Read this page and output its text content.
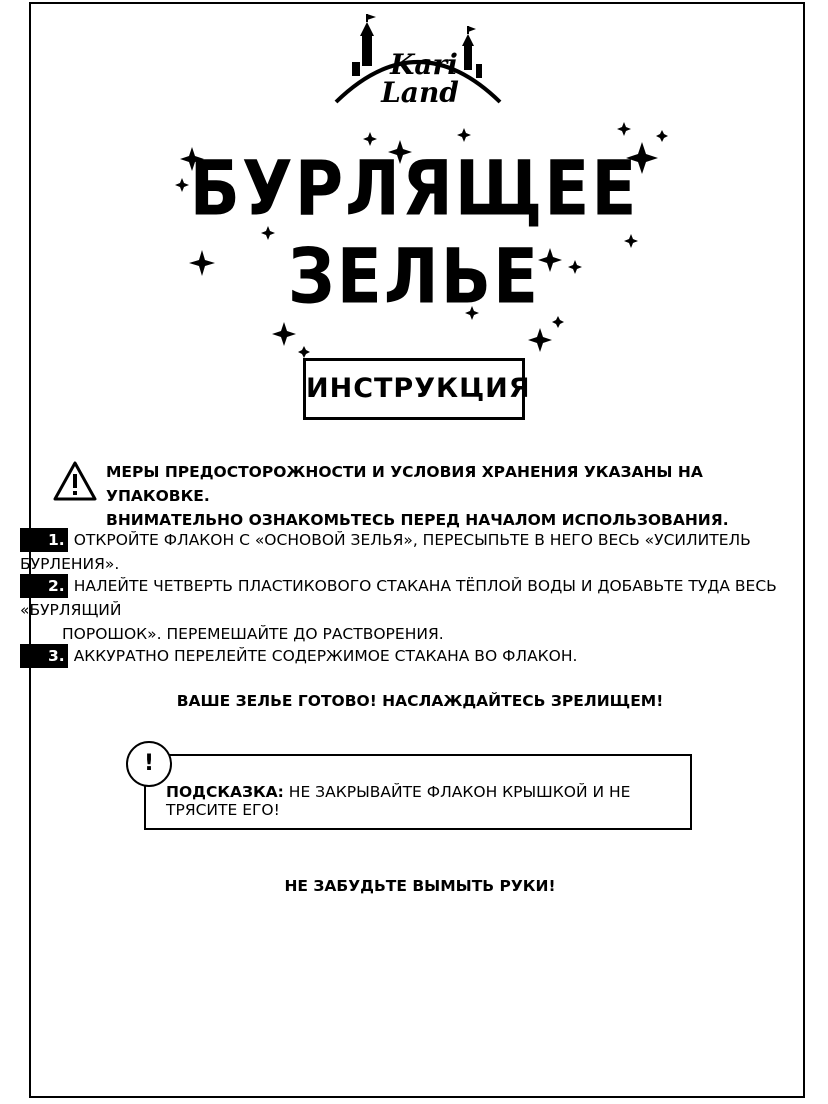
Kari
Land
БУРЛЯЩЕЕ
ЗЕЛЬЕ
ИНСТРУКЦИЯ
МЕРЫ ПРЕДОСТОРОЖНОСТИ И УСЛОВИЯ ХРАНЕНИЯ УКАЗАНЫ НА УПАКОВКЕ.
ВНИМАТЕЛЬНО ОЗНАКОМЬТЕСЬ ПЕРЕД НАЧАЛОМ ИСПОЛЬЗОВАНИЯ.
1. ОТКРОЙТЕ ФЛАКОН С «ОСНОВОЙ ЗЕЛЬЯ», ПЕРЕСЫПЬТЕ В НЕГО ВЕСЬ «УСИЛИТЕЛЬ БУРЛЕНИЯ».
2. НАЛЕЙТЕ ЧЕТВЕРТЬ ПЛАСТИКОВОГО СТАКАНА ТЁПЛОЙ ВОДЫ И ДОБАВЬТЕ ТУДА ВЕСЬ «БУРЛЯЩИЙ
ПОРОШОК». ПЕРЕМЕШАЙТЕ ДО РАСТВОРЕНИЯ.
3. АККУРАТНО ПЕРЕЛЕЙТЕ СОДЕРЖИМОЕ СТАКАНА ВО ФЛАКОН.
ВАШЕ ЗЕЛЬЕ ГОТОВО! НАСЛАЖДАЙТЕСЬ ЗРЕЛИЩЕМ!
!
ПОДСКАЗКА: НЕ ЗАКРЫВАЙТЕ ФЛАКОН КРЫШКОЙ И НЕ ТРЯСИТЕ ЕГО!
НЕ ЗАБУДЬТЕ ВЫМЫТЬ РУКИ!
